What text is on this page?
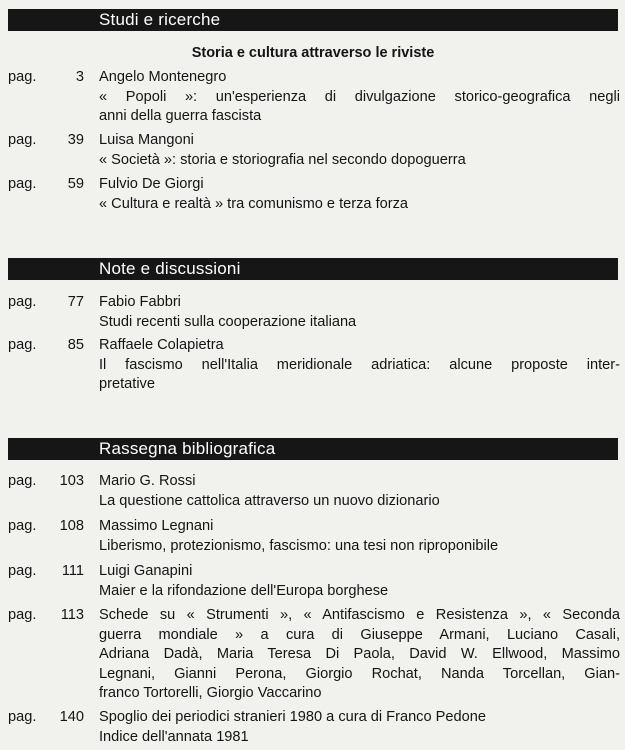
Studi e ricerche
Storia e cultura attraverso le riviste
pag.	3 Angelo Montenegro
« Popoli »: un'esperienza di divulgazione storico-geografica negli
anni della guerra fascista
pag.	39 Luisa Mangoni
« Società »: storia e storiografia nel secondo dopoguerra
pag.	59 Fulvio De Giorgi
« Cultura e realtà » tra comunismo e terza forza
Note e discussioni
pag.	77 Fabio Fabbri
Studi recenti sulla cooperazione italiana
pag.	85 Raffaele Colapietra
Il fascismo nell'Italia meridionale adriatica: alcune proposte inter-
pretative
Rassegna bibliografica
pag.	103 Mario G. Rossi
La questione cattolica attraverso un nuovo dizionario
pag.	108 Massimo Legnani
Liberismo, protezionismo, fascismo: una tesi non riproponibile
pag.	111 Luigi Ganapini
Maier e la rifondazione dell'Europa borghese
pag.	113 Schede su « Strumenti », « Antifascismo e Resistenza », « Seconda
guerra mondiale » a cura di Giuseppe Armani, Luciano Casali,
Adriana Dadà, Maria Teresa Di Paola, David W. Ellwood, Massimo
Legnani, Gianni Perona, Giorgio Rochat, Nanda Torcellan, Gian-
franco Tortorelli, Giorgio Vaccarino
pag.	140 Spoglio dei periodici stranieri 1980 a cura di Franco Pedone
Indice dell'annata 1981
